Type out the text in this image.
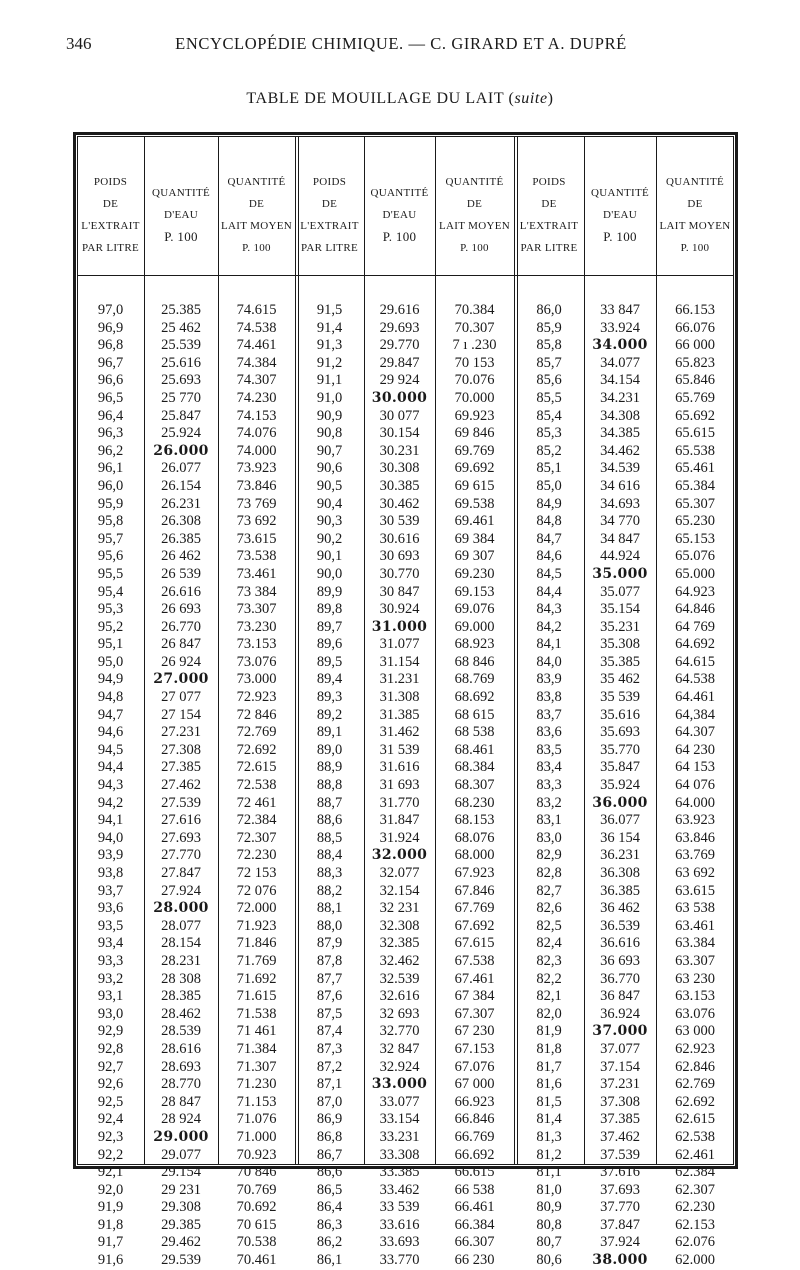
346	ENCYCLOPÉDIE CHIMIQUE. — C. GIRARD ET A. DUPRÉ
TABLE DE MOUILLAGE DU LAIT (suite)
POIDS
DE
L'EXTRAIT
PAR LITRE
QUANTITÉ
D'EAU
P. 100
QUANTITÉ
DE
LAIT MOYEN
P. 100
POIDS
DE
L'EXTRAIT
PAR LITRE
QUANTITÉ
D'EAU
P. 100
QUANTITÉ
DE
LAIT MOYEN
P. 100
POIDS
DE
L'EXTRAIT
PAR LITRE
QUANTITÉ
D'EAU
P. 100
QUANTITÉ
DE
LAIT MOYEN
P. 100
97,0
96,9
96,8
96,7
96,6
96,5
96,4
96,3
96,2
96,1
96,0
95,9
95,8
95,7
95,6
95,5
95,4
95,3
95,2
95,1
95,0
94,9
94,8
94,7
94,6
94,5
94,4
94,3
94,2
94,1
94,0
93,9
93,8
93,7
93,6
93,5
93,4
93,3
93,2
93,1
93,0
92,9
92,8
92,7
92,6
92,5
92,4
92,3
92,2
92,1
92,0
91,9
91,8
91,7
91,6
25.385
25 462
25.539
25.616
25.693
25 770
25.847
25.924
26.000
26.077
26.154
26.231
26.308
26.385
26 462
26 539
26.616
26 693
26.770
26 847
26 924
27.000
27 077
27 154
27.231
27.308
27.385
27.462
27.539
27.616
27.693
27.770
27.847
27.924
28.000
28.077
28.154
28.231
28 308
28.385
28.462
28.539
28.616
28.693
28.770
28 847
28 924
29.000
29.077
29.154
29 231
29.308
29.385
29.462
29.539
74.615
74.538
74.461
74.384
74.307
74.230
74.153
74.076
74.000
73.923
73.846
73 769
73 692
73.615
73.538
73.461
73 384
73.307
73.230
73.153
73.076
73.000
72.923
72 846
72.769
72.692
72.615
72.538
72 461
72.384
72.307
72.230
72 153
72 076
72.000
71.923
71.846
71.769
71.692
71.615
71.538
71 461
71.384
71.307
71.230
71.153
71.076
71.000
70.923
70 846
70.769
70.692
70 615
70.538
70.461
91,5
91,4
91,3
91,2
91,1
91,0
90,9
90,8
90,7
90,6
90,5
90,4
90,3
90,2
90,1
90,0
89,9
89,8
89,7
89,6
89,5
89,4
89,3
89,2
89,1
89,0
88,9
88,8
88,7
88,6
88,5
88,4
88,3
88,2
88,1
88,0
87,9
87,8
87,7
87,6
87,5
87,4
87,3
87,2
87,1
87,0
86,9
86,8
86,7
86,6
86,5
86,4
86,3
86,2
86,1
29.616
29.693
29.770
29.847
29 924
30.000
30 077
30.154
30.231
30.308
30.385
30.462
30 539
30.616
30 693
30.770
30 847
30.924
31.000
31.077
31.154
31.231
31.308
31.385
31.462
31 539
31.616
31 693
31.770
31.847
31.924
32.000
32.077
32.154
32 231
32.308
32.385
32.462
32.539
32.616
32 693
32.770
32 847
32.924
33.000
33.077
33.154
33.231
33.308
33.385
33.462
33 539
33.616
33.693
33.770
70.384
70.307
7 ı .230
70 153
70.076
70.000
69.923
69 846
69.769
69.692
69 615
69.538
69.461
69 384
69 307
69.230
69.153
69.076
69.000
68.923
68 846
68.769
68.692
68 615
68 538
68.461
68.384
68.307
68.230
68.153
68.076
68.000
67.923
67.846
67.769
67.692
67.615
67.538
67.461
67 384
67.307
67 230
67.153
67.076
67 000
66.923
66.846
66.769
66.692
66.615
66 538
66.461
66.384
66.307
66 230
86,0
85,9
85,8
85,7
85,6
85,5
85,4
85,3
85,2
85,1
85,0
84,9
84,8
84,7
84,6
84,5
84,4
84,3
84,2
84,1
84,0
83,9
83,8
83,7
83,6
83,5
83,4
83,3
83,2
83,1
83,0
82,9
82,8
82,7
82,6
82,5
82,4
82,3
82,2
82,1
82,0
81,9
81,8
81,7
81,6
81,5
81,4
81,3
81,2
81,1
81,0
80,9
80,8
80,7
80,6
33 847
33.924
34.000
34.077
34.154
34.231
34.308
34.385
34.462
34.539
34 616
34.693
34 770
34 847
44.924
35.000
35.077
35.154
35.231
35.308
35.385
35 462
35 539
35.616
35.693
35.770
35.847
35.924
36.000
36.077
36 154
36.231
36.308
36.385
36 462
36.539
36.616
36 693
36.770
36 847
36.924
37.000
37.077
37.154
37.231
37.308
37.385
37.462
37.539
37.616
37.693
37.770
37.847
37.924
38.000
66.153
66.076
66 000
65.823
65.846
65.769
65.692
65.615
65.538
65.461
65.384
65.307
65.230
65.153
65.076
65.000
64.923
64.846
64 769
64.692
64.615
64.538
64.461
64,384
64.307
64 230
64 153
64 076
64.000
63.923
63.846
63.769
63 692
63.615
63 538
63.461
63.384
63.307
63 230
63.153
63.076
63 000
62.923
62.846
62.769
62.692
62.615
62.538
62.461
62.384
62.307
62.230
62.153
62.076
62.000
